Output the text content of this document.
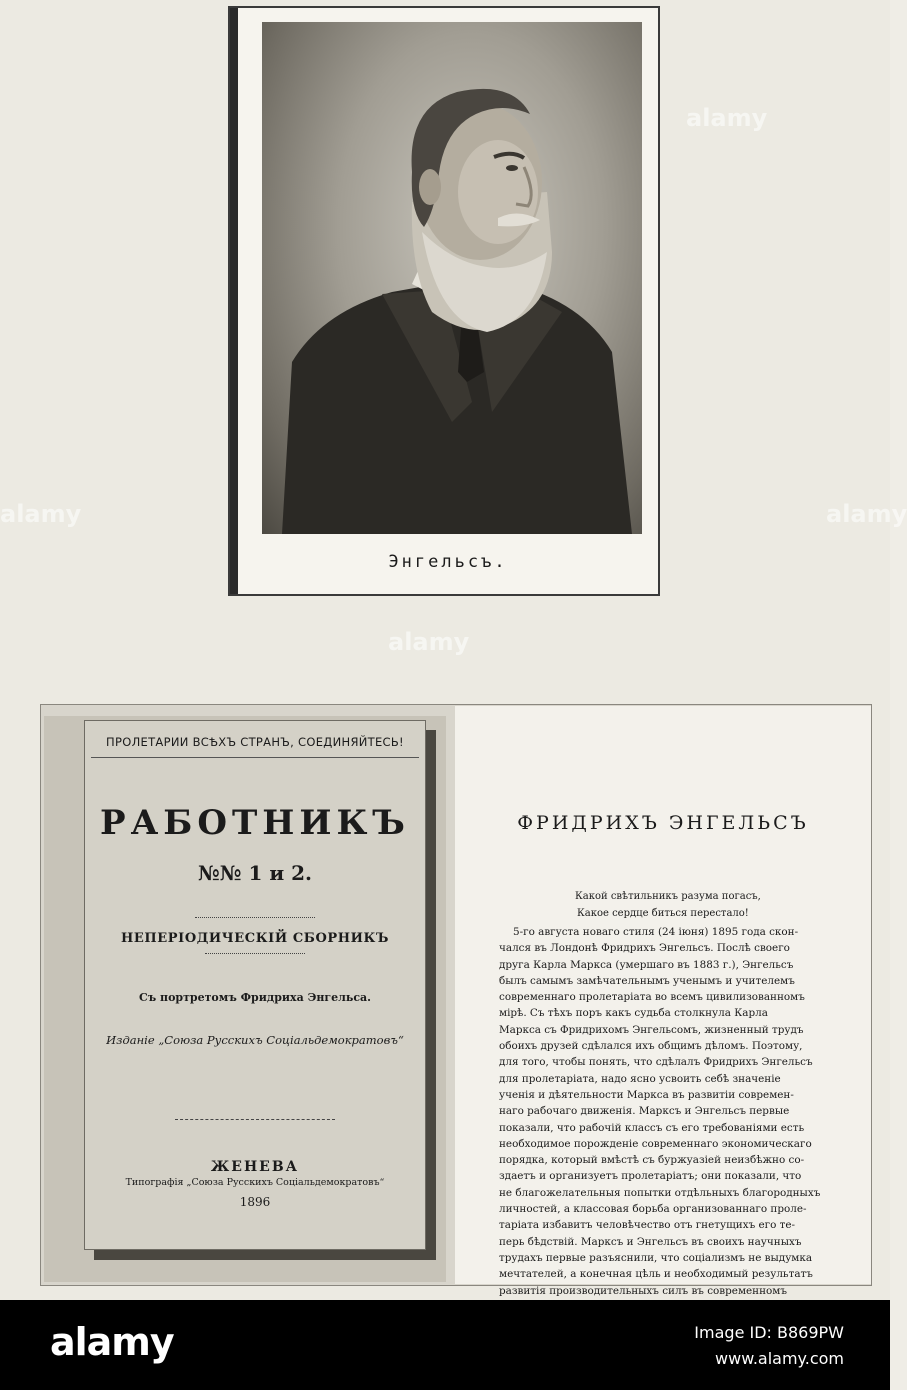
Энгельсъ.
ПРОЛЕТАРИИ ВСѢХЪ СТРАНЪ, СОЕДИНЯЙТЕСЬ!
РАБОТНИКЪ
№№ 1 и 2.
НЕПЕРІОДИЧЕСКІЙ СБОРНИКЪ
Съ портретомъ Фридриха Энгельса.
Изданіе „Союза Русскихъ Соціальдемократовъ“
ЖЕНЕВА
Типографія „Союза Русскихъ Соціальдемократовъ“
1896
ФРИДРИХЪ ЭНГЕЛЬСЪ
Какой свѣтильникъ разума погасъ,
Какое сердце биться перестало!
5-го августа новаго стиля (24 іюня) 1895 года скон-
чался въ Лондонѣ Фридрихъ Энгельсъ. Послѣ своего
друга Карла Маркса (умершаго въ 1883 г.), Энгельсъ
былъ самымъ замѣчательнымъ ученымъ и учителемъ
современнаго пролетаріата во всемъ цивилизованномъ
мірѣ. Съ тѣхъ поръ какъ судьба столкнула Карла
Маркса съ Фридрихомъ Энгельсомъ, жизненный трудъ
обоихъ друзей сдѣлался ихъ общимъ дѣломъ. Поэтому,
для того, чтобы понять, что сдѣлалъ Фридрихъ Энгельсъ
для пролетаріата, надо ясно усвоить себѣ значеніе
ученія и дѣятельности Маркса въ развитіи современ-
наго рабочаго движенія. Марксъ и Энгельсъ первые
показали, что рабочій классъ съ его требованіями есть
необходимое порожденіе современнаго экономическаго
порядка, который вмѣстѣ съ буржуазіей неизбѣжно со-
здаетъ и организуетъ пролетаріатъ; они показали, что
не благожелательныя попытки отдѣльныхъ благородныхъ
личностей, а классовая борьба организованнаго проле-
таріата избавитъ человѣчество отъ гнетущихъ его те-
перь бѣдствій. Марксъ и Энгельсъ въ своихъ научныхъ
трудахъ первые разъяснили, что соціализмъ не выдумка
мечтателей, а конечная цѣль и необходимый результатъ
развитія производительныхъ силъ въ современномъ
alamy
alamy
alamy	alamy
alamy	Image ID: B869PW
www.alamy.com
